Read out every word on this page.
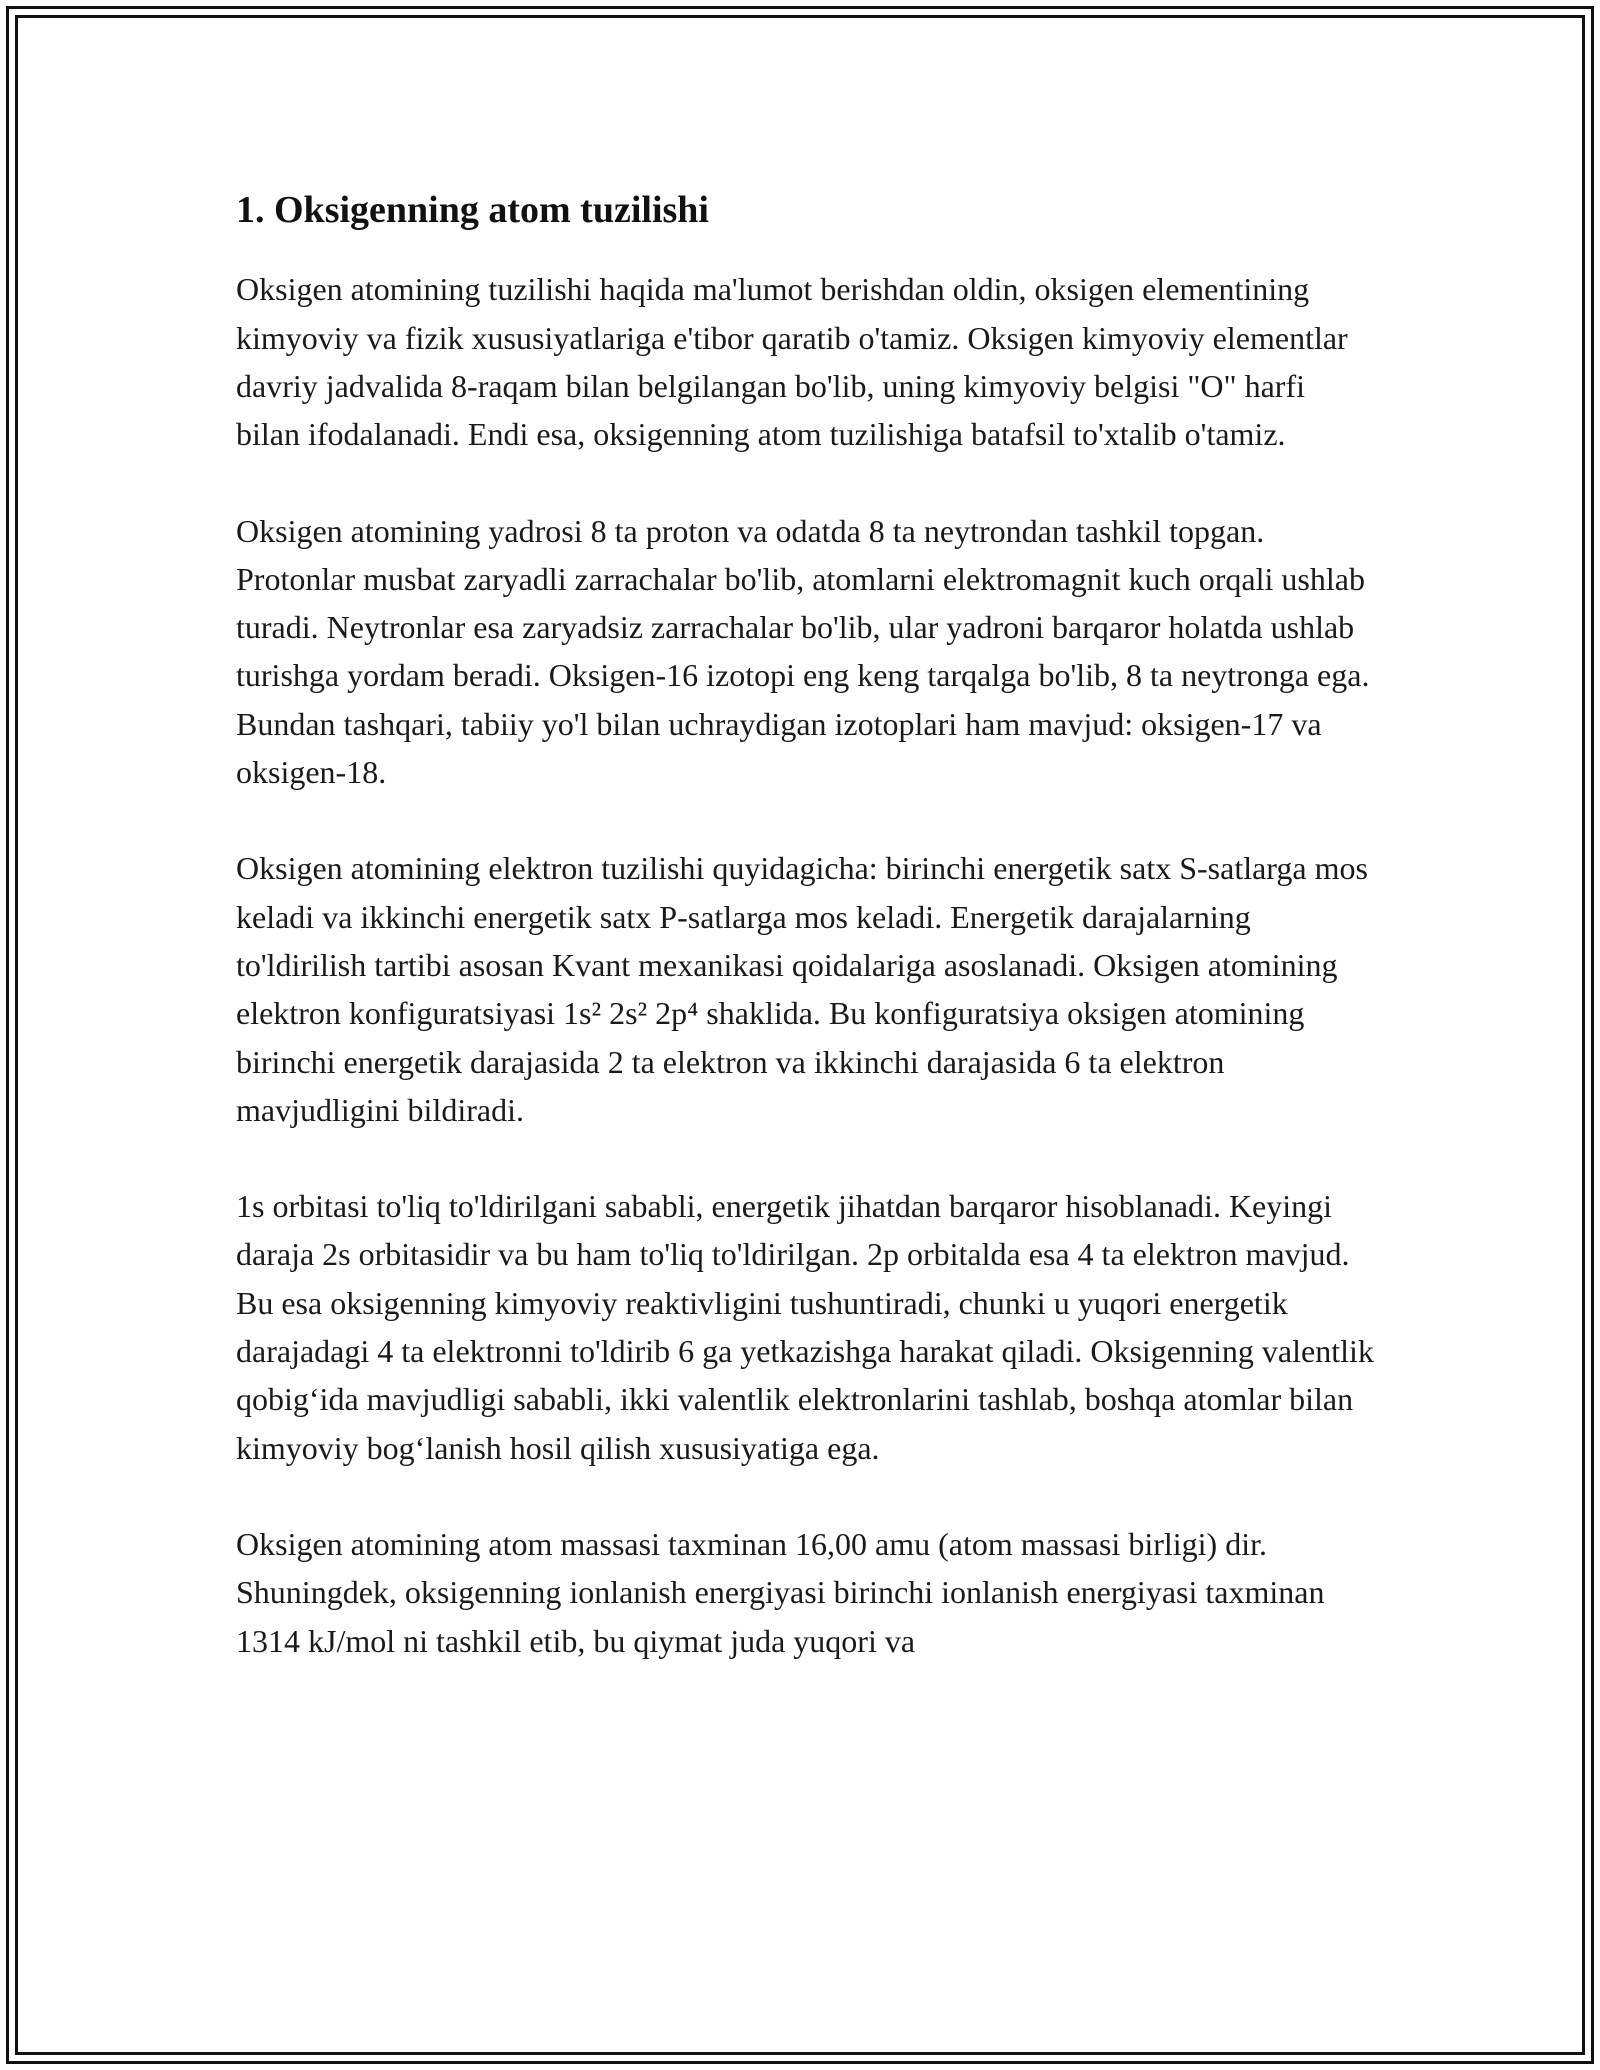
1. Oksigenning atom tuzilishi

Oksigen atomining tuzilishi haqida ma'lumot berishdan oldin, oksigen elementining kimyoviy va fizik xususiyatlariga e'tibor qaratib o'tamiz. Oksigen kimyoviy elementlar davriy jadvalida 8-raqam bilan belgilangan bo'lib, uning kimyoviy belgisi "O" harfi bilan ifodalanadi. Endi esa, oksigenning atom tuzilishiga batafsil to'xtalib o'tamiz.

Oksigen atomining yadrosi 8 ta proton va odatda 8 ta neytrondan tashkil topgan. Protonlar musbat zaryadli zarrachalar bo'lib, atomlarni elektromagnit kuch orqali ushlab turadi. Neytronlar esa zaryadsiz zarrachalar bo'lib, ular yadroni barqaror holatda ushlab turishga yordam beradi. Oksigen-16 izotopi eng keng tarqalga bo'lib, 8 ta neytronga ega. Bundan tashqari, tabiiy yo'l bilan uchraydigan izotoplari ham mavjud: oksigen-17 va oksigen-18.

Oksigen atomining elektron tuzilishi quyidagicha: birinchi energetik satx S-satlarga mos keladi va ikkinchi energetik satx P-satlarga mos keladi. Energetik darajalarning to'ldirilish tartibi asosan Kvant mexanikasi qoidalariga asoslanadi. Oksigen atomining elektron konfiguratsiyasi 1s² 2s² 2p⁴ shaklida. Bu konfiguratsiya oksigen atomining birinchi energetik darajasida 2 ta elektron va ikkinchi darajasida 6 ta elektron mavjudligini bildiradi.

1s orbitasi to'liq to'ldirilgani sababli, energetik jihatdan barqaror hisoblanadi. Keyingi daraja 2s orbitasidir va bu ham to'liq to'ldirilgan. 2p orbitalda esa 4 ta elektron mavjud. Bu esa oksigenning kimyoviy reaktivligini tushuntiradi, chunki u yuqori energetik darajadagi 4 ta elektronni to'ldirib 6 ga yetkazishga harakat qiladi. Oksigenning valentlik qobig‘ida mavjudligi sababli, ikki valentlik elektronlarini tashlab, boshqa atomlar bilan kimyoviy bog‘lanish hosil qilish xususiyatiga ega.

Oksigen atomining atom massasi taxminan 16,00 amu (atom massasi birligi) dir. Shuningdek, oksigenning ionlanish energiyasi birinchi ionlanish energiyasi taxminan 1314 kJ/mol ni tashkil etib, bu qiymat juda yuqori va
